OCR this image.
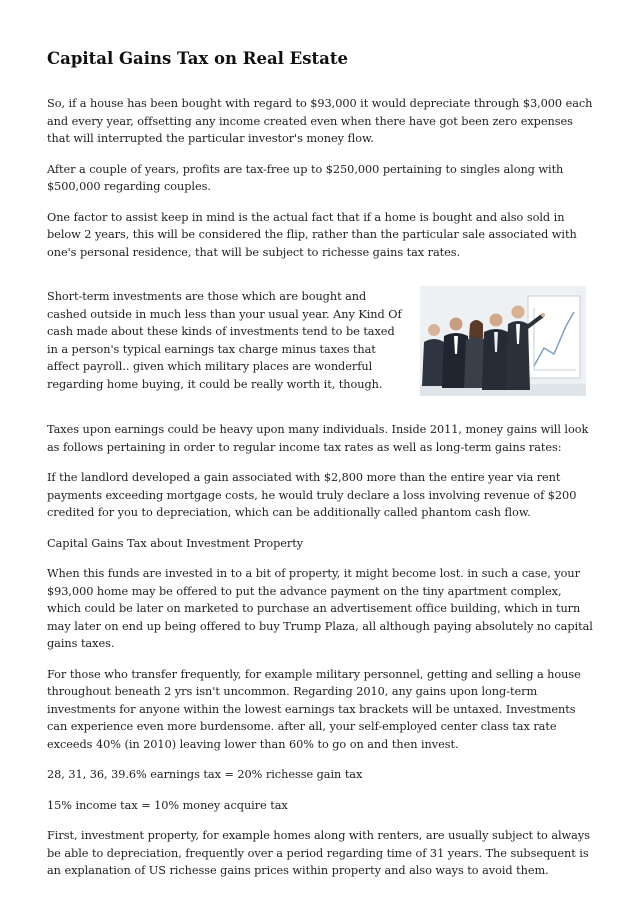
Capital Gains Tax on Real Estate

So, if a house has been bought with regard to $93,000 it would depreciate through $3,000 each and every year, offsetting any income created even when there have got been zero expenses that will interrupted the particular investor's money flow.

After a couple of years, profits are tax-free up to $250,000 pertaining to singles along with $500,000 regarding couples.

One factor to assist keep in mind is the actual fact that if a home is bought and also sold in below 2 years, this will be considered the flip, rather than the particular sale associated with one's personal residence, that will be subject to richesse gains tax rates.

Short-term investments are those which are bought and cashed outside in much less than your usual year. Any Kind Of cash made about these kinds of investments tend to be taxed in a person's typical earnings tax charge minus taxes that affect payroll.. given which military places are wonderful regarding home buying, it could be really worth it, though.

Taxes upon earnings could be heavy upon many individuals. Inside 2011, money gains will look as follows pertaining in order to regular income tax rates as well as long-term gains rates:

If the landlord developed a gain associated with $2,800 more than the entire year via rent payments exceeding mortgage costs, he would truly declare a loss involving revenue of $200 credited for you to depreciation, which can be additionally called phantom cash flow.

Capital Gains Tax about Investment Property

When this funds are invested in to a bit of property, it might become lost. in such a case, your $93,000 home may be offered to put the advance payment on the tiny apartment complex, which could be later on marketed to purchase an advertisement office building, which in turn may later on end up being offered to buy Trump Plaza, all although paying absolutely no capital gains taxes.

For those who transfer frequently, for example military personnel, getting and selling a house throughout beneath 2 yrs isn't uncommon. Regarding 2010, any gains upon long-term investments for anyone within the lowest earnings tax brackets will be untaxed. Investments can experience even more burdensome. after all, your self-employed center class tax rate exceeds 40% (in 2010) leaving lower than 60% to go on and then invest.

28, 31, 36, 39.6% earnings tax = 20% richesse gain tax

15% income tax = 10% money acquire tax

First, investment property, for example homes along with renters, are usually subject to always be able to depreciation, frequently over a period regarding time of 31 years. The subsequent is an explanation of US richesse gains prices within property and also ways to avoid them.
